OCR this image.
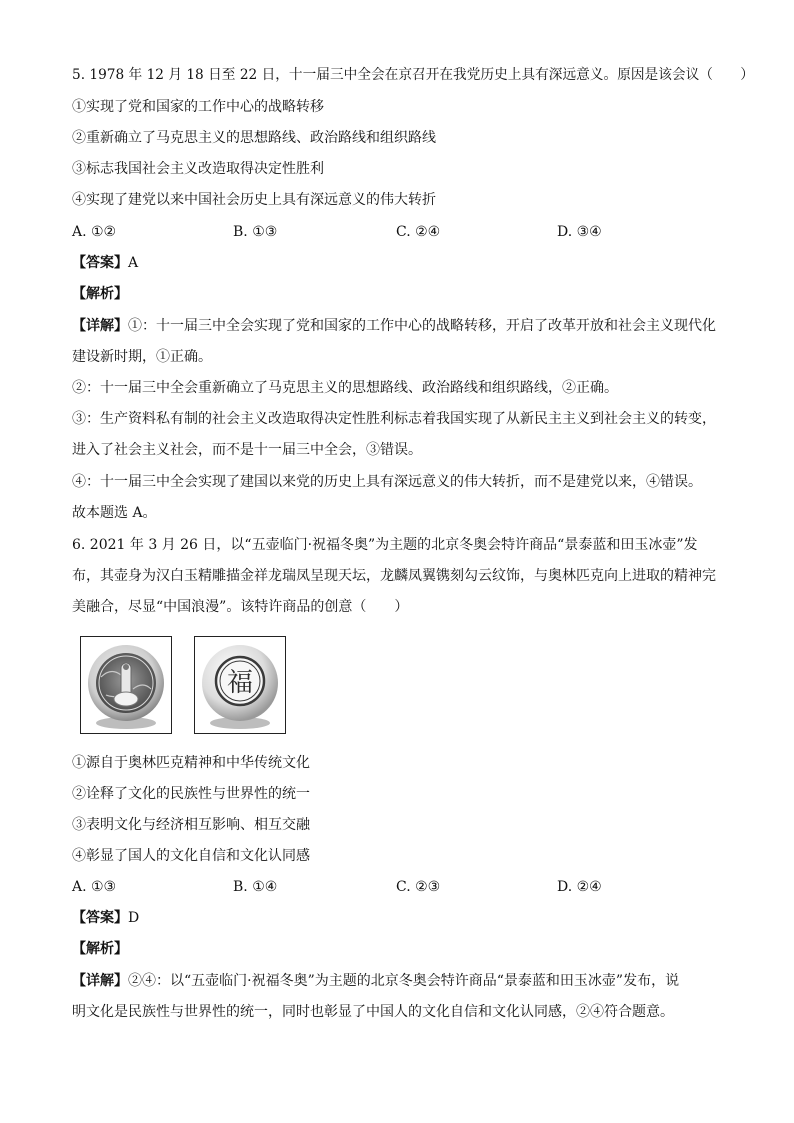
5. 1978 年 12 月 18 日至 22 日，十一届三中全会在京召开在我党历史上具有深远意义。原因是该会议（　　）
①实现了党和国家的工作中心的战略转移
②重新确立了马克思主义的思想路线、政治路线和组织路线
③标志我国社会主义改造取得决定性胜利
④实现了建党以来中国社会历史上具有深远意义的伟大转折
A. ①②	B. ①③	C. ②④	D. ③④
【答案】A
【解析】
【详解】①：十一届三中全会实现了党和国家的工作中心的战略转移，开启了改革开放和社会主义现代化
建设新时期，①正确。
②：十一届三中全会重新确立了马克思主义的思想路线、政治路线和组织路线，②正确。
③：生产资料私有制的社会主义改造取得决定性胜利标志着我国实现了从新民主主义到社会主义的转变，
进入了社会主义社会，而不是十一届三中全会，③错误。
④：十一届三中全会实现了建国以来党的历史上具有深远意义的伟大转折，而不是建党以来，④错误。
故本题选 A。
6. 2021 年 3 月 26 日，以“五壶临门·祝福冬奥”为主题的北京冬奥会特许商品“景泰蓝和田玉冰壶”发
布，其壶身为汉白玉精雕描金祥龙瑞凤呈现天坛，龙麟凤翼镌刻勾云纹饰，与奥林匹克向上进取的精神完
美融合，尽显“中国浪漫”。该特许商品的创意（　　）
福
①源自于奥林匹克精神和中华传统文化
②诠释了文化的民族性与世界性的统一
③表明文化与经济相互影响、相互交融
④彰显了国人的文化自信和文化认同感
A. ①③	B. ①④	C. ②③	D. ②④
【答案】D
【解析】
【详解】②④：以“五壶临门·祝福冬奥”为主题的北京冬奥会特许商品“景泰蓝和田玉冰壶”发布，说
明文化是民族性与世界性的统一，同时也彰显了中国人的文化自信和文化认同感，②④符合题意。
